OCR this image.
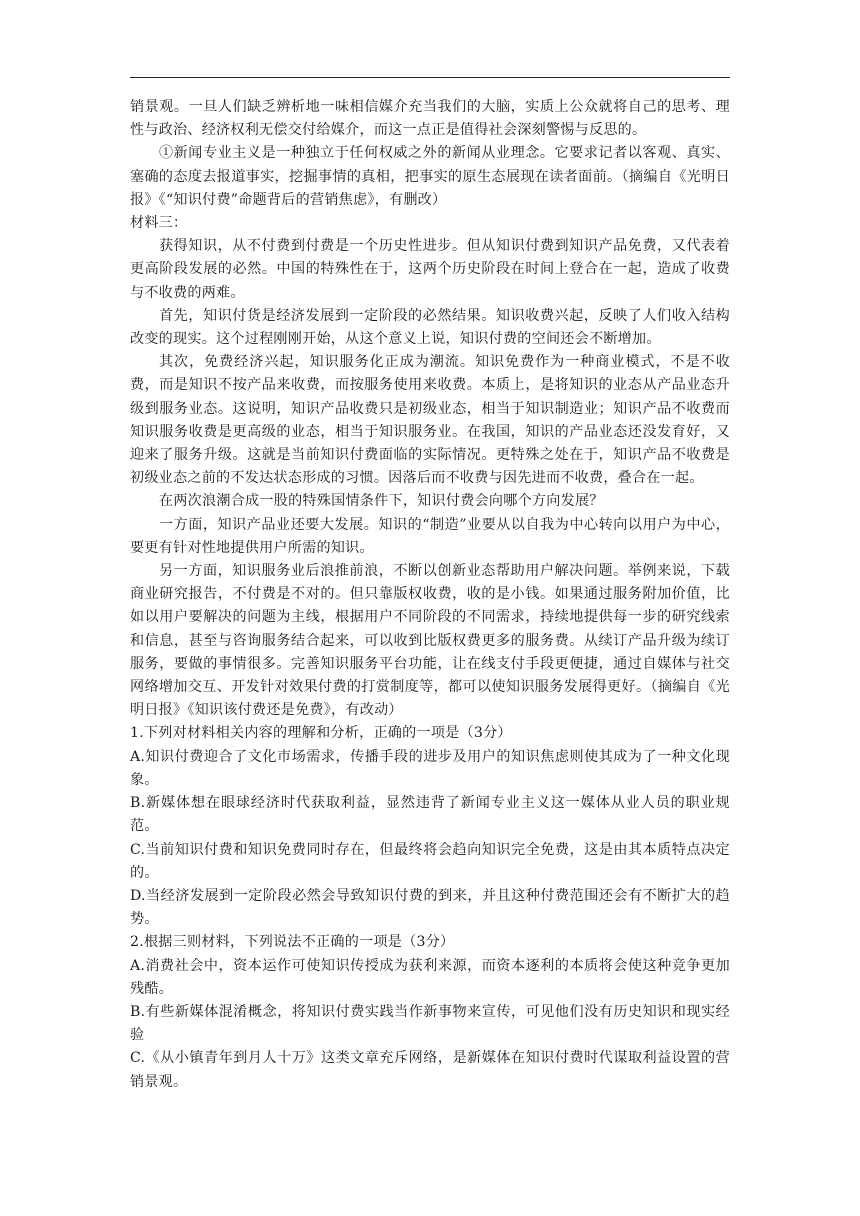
销景观。一旦人们缺乏辨析地一味相信媒介充当我们的大脑，实质上公众就将自己的思考、理性与政治、经济权利无偿交付给媒介，而这一点正是值得社会深刻警惕与反思的。

①新闻专业主义是一种独立于任何权威之外的新闻从业理念。它要求记者以客观、真实、塞确的态度去报道事实，挖掘事情的真相，把事实的原生态展现在读者面前。（摘编自《光明日报》《“知识付费”命题背后的营销焦虑》，有删改）

材料三：

获得知识，从不付费到付费是一个历史性进步。但从知识付费到知识产品免费，又代表着更高阶段发展的必然。中国的特殊性在于，这两个历史阶段在时间上登合在一起，造成了收费与不收费的两难。

首先，知识付货是经济发展到一定阶段的必然结果。知识收费兴起，反映了人们收入结构改变的现实。这个过程刚刚开始，从这个意义上说，知识付费的空间还会不断增加。

其次，免费经济兴起，知识服务化正成为潮流。知识免费作为一种商业模式，不是不收费，而是知识不按产品来收费，而按服务使用来收费。本质上，是将知识的业态从产品业态升级到服务业态。这说明，知识产品收费只是初级业态，相当于知识制造业；知识产品不收费而知识服务收费是更高级的业态，相当于知识服务业。在我国，知识的产品业态还没发育好，又迎来了服务升级。这就是当前知识付费面临的实际情况。更特殊之处在于，知识产品不收费是初级业态之前的不发达状态形成的习惯。因落后而不收费与因先进而不收费，叠合在一起。

在两次浪潮合成一股的特殊国情条件下，知识付费会向哪个方向发展？

一方面，知识产品业还要大发展。知识的“制造”业要从以自我为中心转向以用户为中心，要更有针对性地提供用户所需的知识。

另一方面，知识服务业后浪推前浪，不断以创新业态帮助用户解决问题。举例来说，下载商业研究报告，不付费是不对的。但只靠版权收费，收的是小钱。如果通过服务附加价值，比如以用户要解决的问题为主线，根据用户不同阶段的不同需求，持续地提供每一步的研究线索和信息，甚至与咨询服务结合起来，可以收到比版权费更多的服务费。从续订产品升级为续订服务，要做的事情很多。完善知识服务平台功能，让在线支付手段更便捷，通过自媒体与社交网络增加交互、开发针对效果付费的打赏制度等，都可以使知识服务发展得更好。（摘编自《光明日报》《知识该付费还是免费》，有改动）

1.下列对材料相关内容的理解和分析，正确的一项是（3分）

A.知识付费迎合了文化市场需求，传播手段的进步及用户的知识焦虑则使其成为了一种文化现象。

B.新媒体想在眼球经济时代获取利益，显然违背了新闻专业主义这一媒体从业人员的职业规范。

C.当前知识付费和知识免费同时存在，但最终将会趋向知识完全免费，这是由其本质特点决定的。

D.当经济发展到一定阶段必然会导致知识付费的到来，并且这种付费范围还会有不断扩大的趋势。

2.根据三则材料，下列说法不正确的一项是（3分）

A.消费社会中，资本运作可使知识传授成为获利来源，而资本逐利的本质将会使这种竞争更加残酷。

B.有些新媒体混淆概念，将知识付费实践当作新事物来宣传，可见他们没有历史知识和现实经验

C.《从小镇青年到月人十万》这类文章充斥网络，是新媒体在知识付费时代谋取利益设置的营销景观。
